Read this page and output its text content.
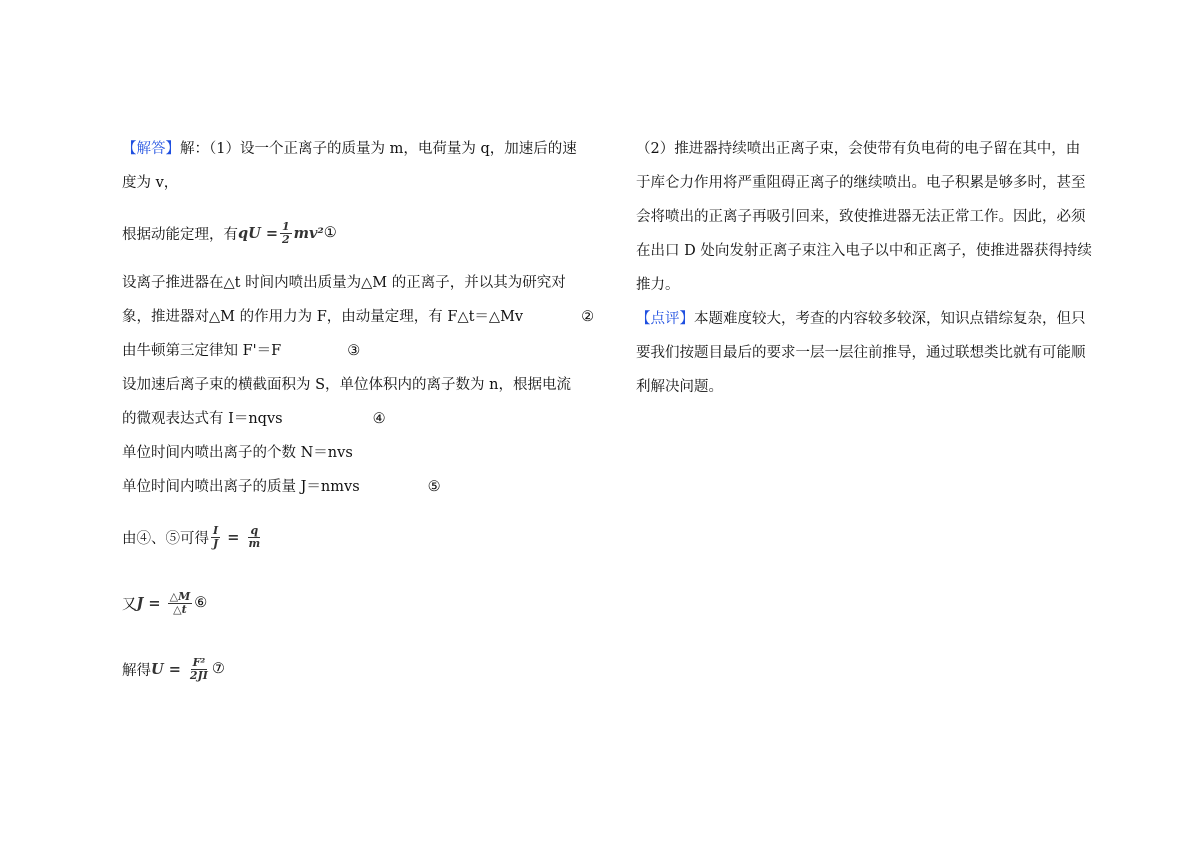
【解答】解：（1）设一个正离子的质量为 m，电荷量为 q，加速后的速
度为 v，
根据动能定理，有 qU = $\frac{1}{2} mv^2$ ①
设离子推进器在△t 时间内喷出质量为△M 的正离子，并以其为研究对
象，推进器对△M 的作用力为 F，由动量定理，有 F△t＝△Mv	②
由牛顿第三定律知 F'＝F	③
设加速后离子束的横截面积为 S，单位体积内的离子数为 n，根据电流
的微观表达式有 I＝nqvs	④
单位时间内喷出离子的个数 N＝nvs
单位时间内喷出离子的质量 J＝nmvs	⑤
由④、⑤可得 $\frac{I}{J} = \frac{q}{m}$
又 $J = \frac{\triangle M}{\triangle t}$ ⑥
解得 $U = \frac{\text{F²}}{2JI}$ ⑦
（2）推进器持续喷出正离子束，会使带有负电荷的电子留在其中，由
于库仑力作用将严重阻碍正离子的继续喷出。电子积累是够多时，甚至
会将喷出的正离子再吸引回来，致使推进器无法正常工作。因此，必须
在出口 D 处向发射正离子束注入电子以中和正离子，使推进器获得持续
推力。
【点评】本题难度较大，考查的内容较多较深，知识点错综复杂，但只
要我们按题目最后的要求一层一层往前推导，通过联想类比就有可能顺
利解决问题。
